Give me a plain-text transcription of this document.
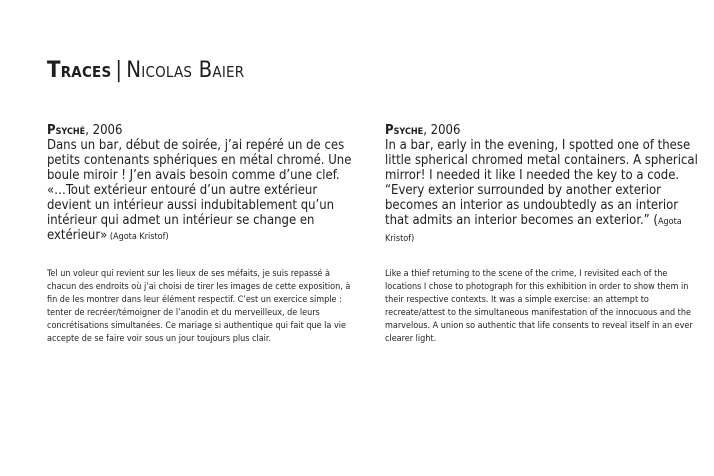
Traces | Nicolas Baier
Psyché, 2006

Dans un bar, début de soirée, j’ai repéré un de ces petits contenants sphériques en métal chromé. Une boule miroir ! J’en avais besoin comme d’une clef. «…Tout extérieur entouré d’un autre extérieur devient un intérieur aussi indubitablement qu’un intérieur qui admet un intérieur se change en extérieur» (Agota Kristof)

Psyche, 2006

In a bar, early in the evening, I spotted one of these little spherical chromed metal containers. A spherical mirror! I needed it like I needed the key to a code. “Every exterior surrounded by another exterior becomes an interior as undoubtedly as an interior that admits an interior becomes an exterior.” (Agota Kristof)

Tel un voleur qui revient sur les lieux de ses méfaits, je suis repassé à chacun des endroits où j’ai choisi de tirer les images de cette exposition, à fin de les montrer dans leur élément respectif. C’est un exercice simple : tenter de recréer/témoigner de l’anodin et du merveilleux, de leurs concrétisations simultanées. Ce mariage si authentique qui fait que la vie accepte de se faire voir sous un jour toujours plus clair.

Like a thief returning to the scene of the crime, I revisited each of the locations I chose to photograph for this exhibition in order to show them in their respective contexts. It was a simple exercise: an attempt to recreate/attest to the simultaneous manifestation of the innocuous and the marvelous. A union so authentic that life consents to reveal itself in an ever clearer light.
